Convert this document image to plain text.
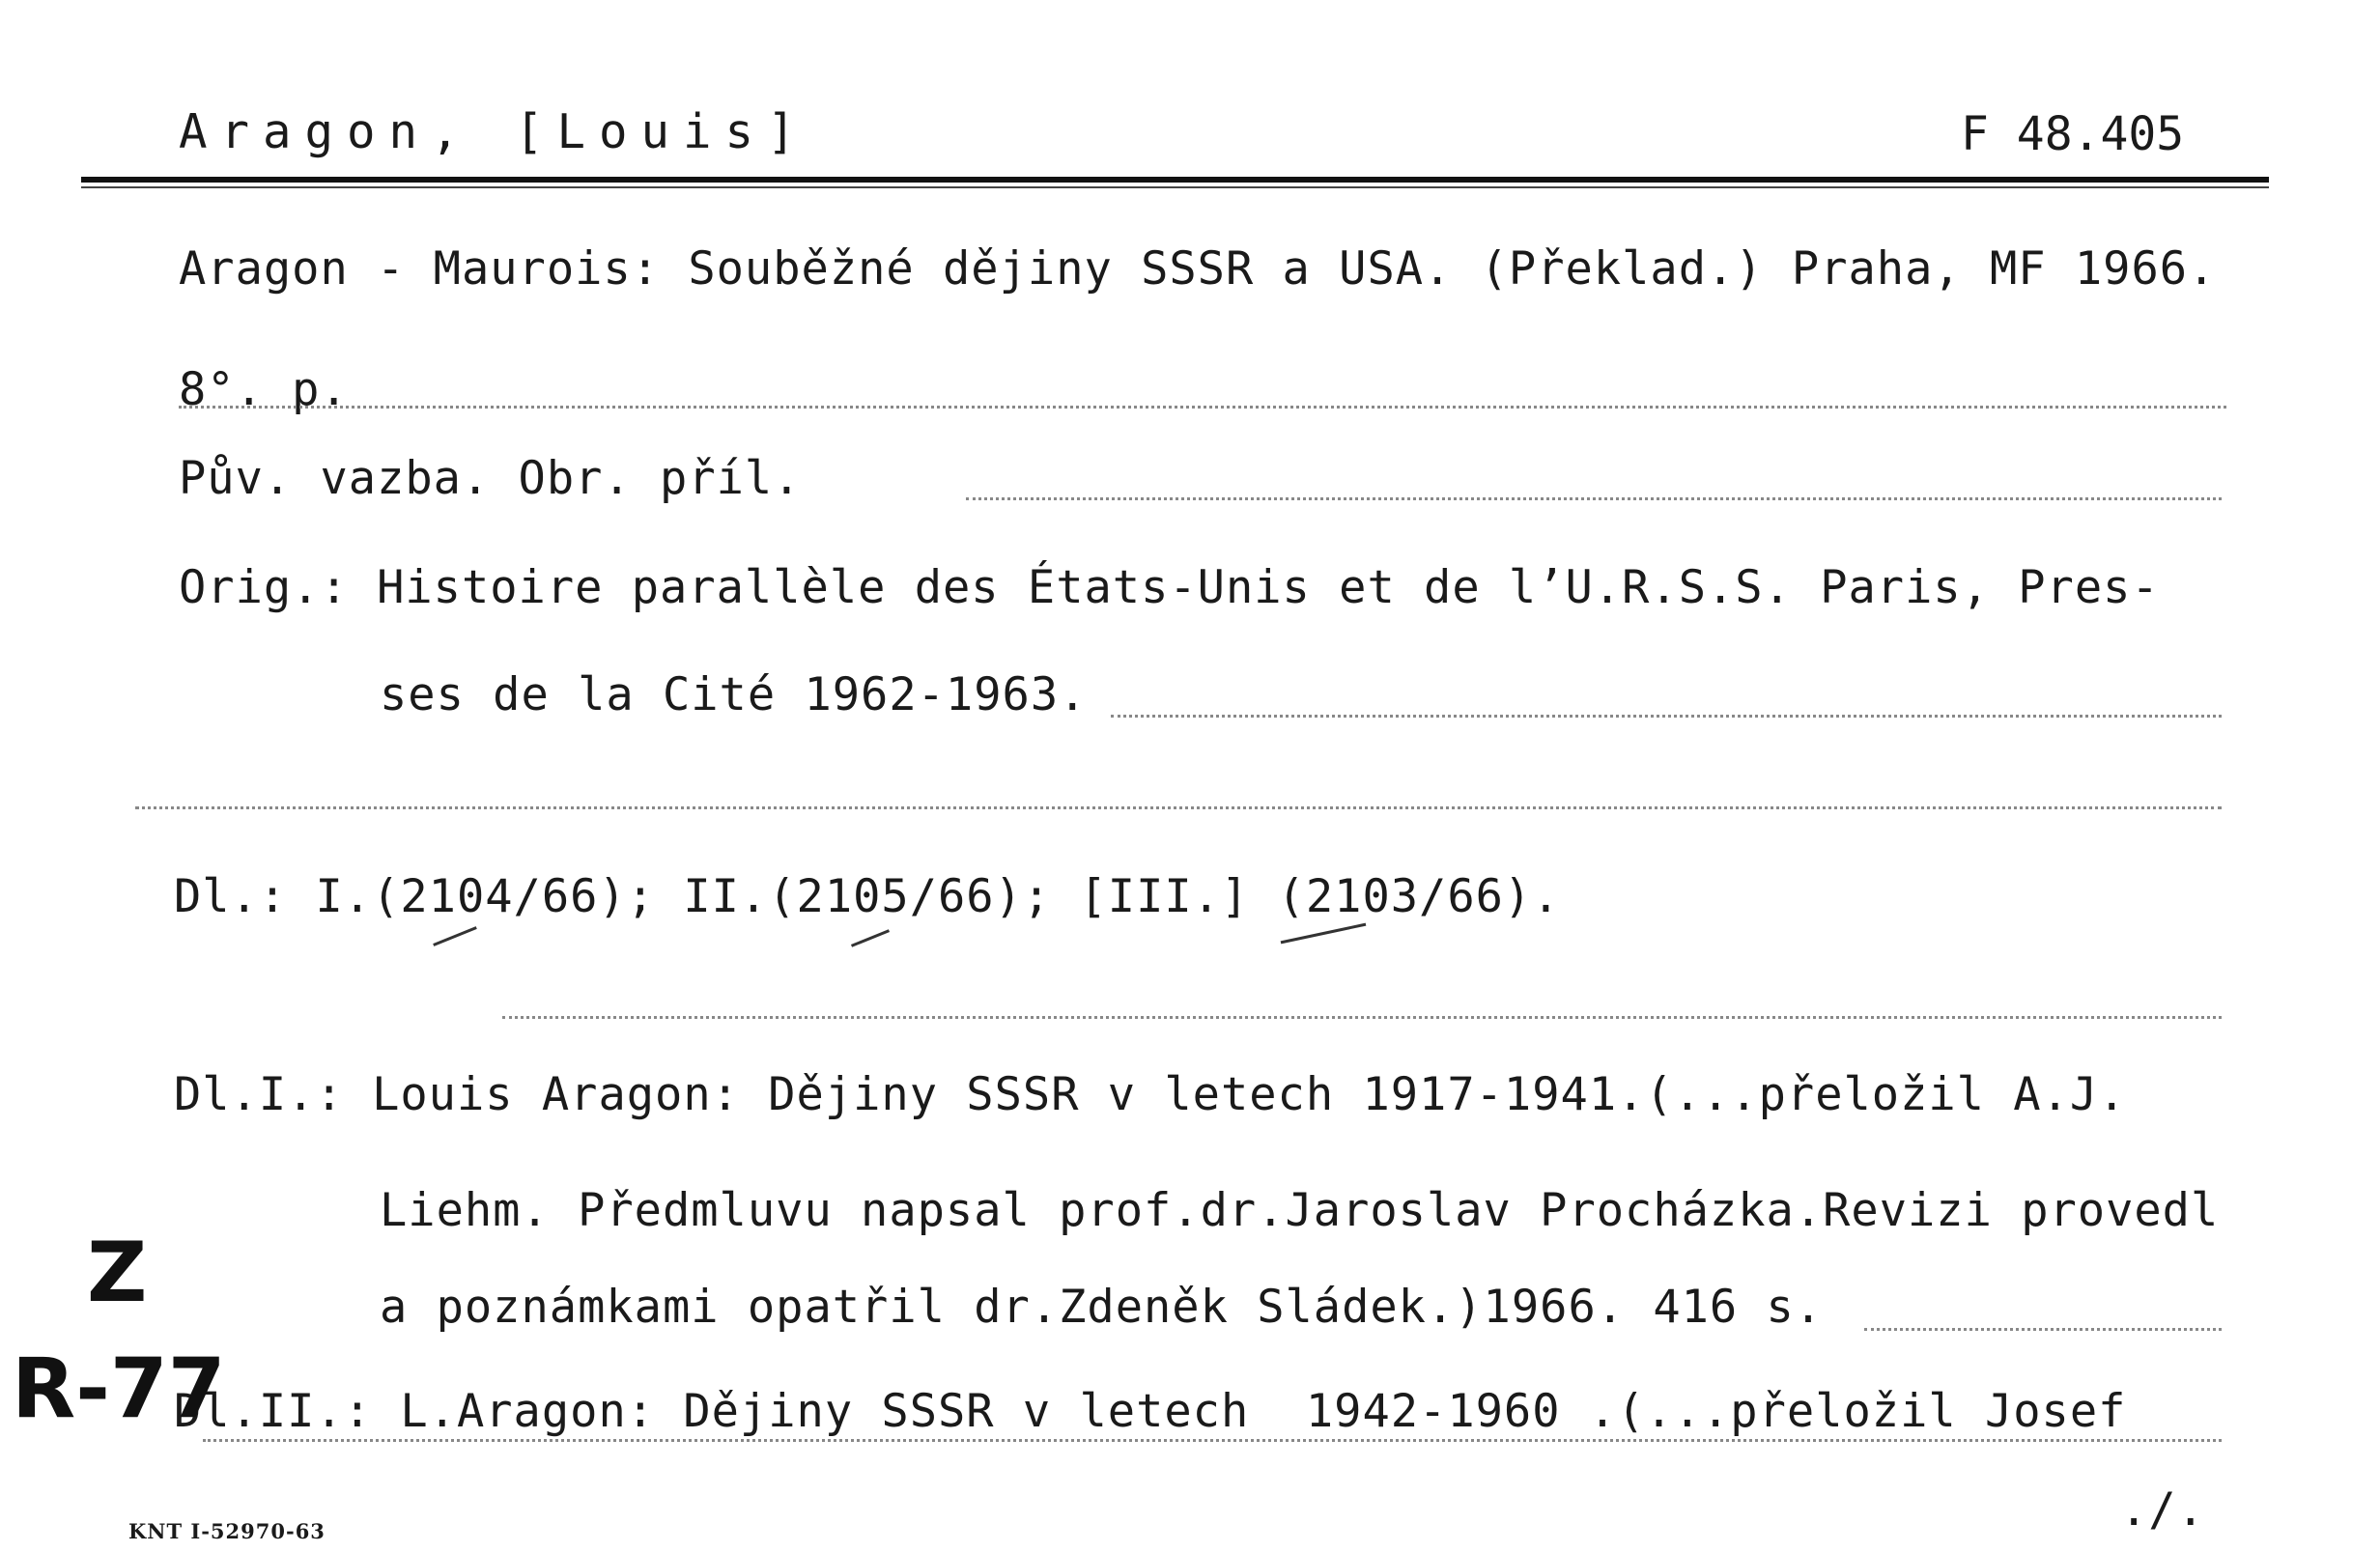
Aragon, [Louis]	F 48.405
Aragon - Maurois: Souběžné dějiny SSSR a USA. (Překlad.) Praha, MF 1966.
8°. p.
Pův. vazba. Obr. příl.
Orig.: Histoire parallèle des États-Unis et de l’U.R.S.S. Paris, Pres-
ses de la Cité 1962-1963.
Dl.: I.(2104/66); II.(2105/66); [III.] (2103/66).
Dl.I.: Louis Aragon: Dějiny SSSR v letech 1917-1941.(...přeložil A.J.
Liehm. Předmluvu napsal prof.dr.Jaroslav Procházka.Revizi provedl
a poznámkami opatřil dr.Zdeněk Sládek.)1966. 416 s.
Dl.II.: L.Aragon: Dějiny SSSR v letech  1942-1960 .(...přeložil Josef
./.
Z
R-77
KNT I-52970-63
